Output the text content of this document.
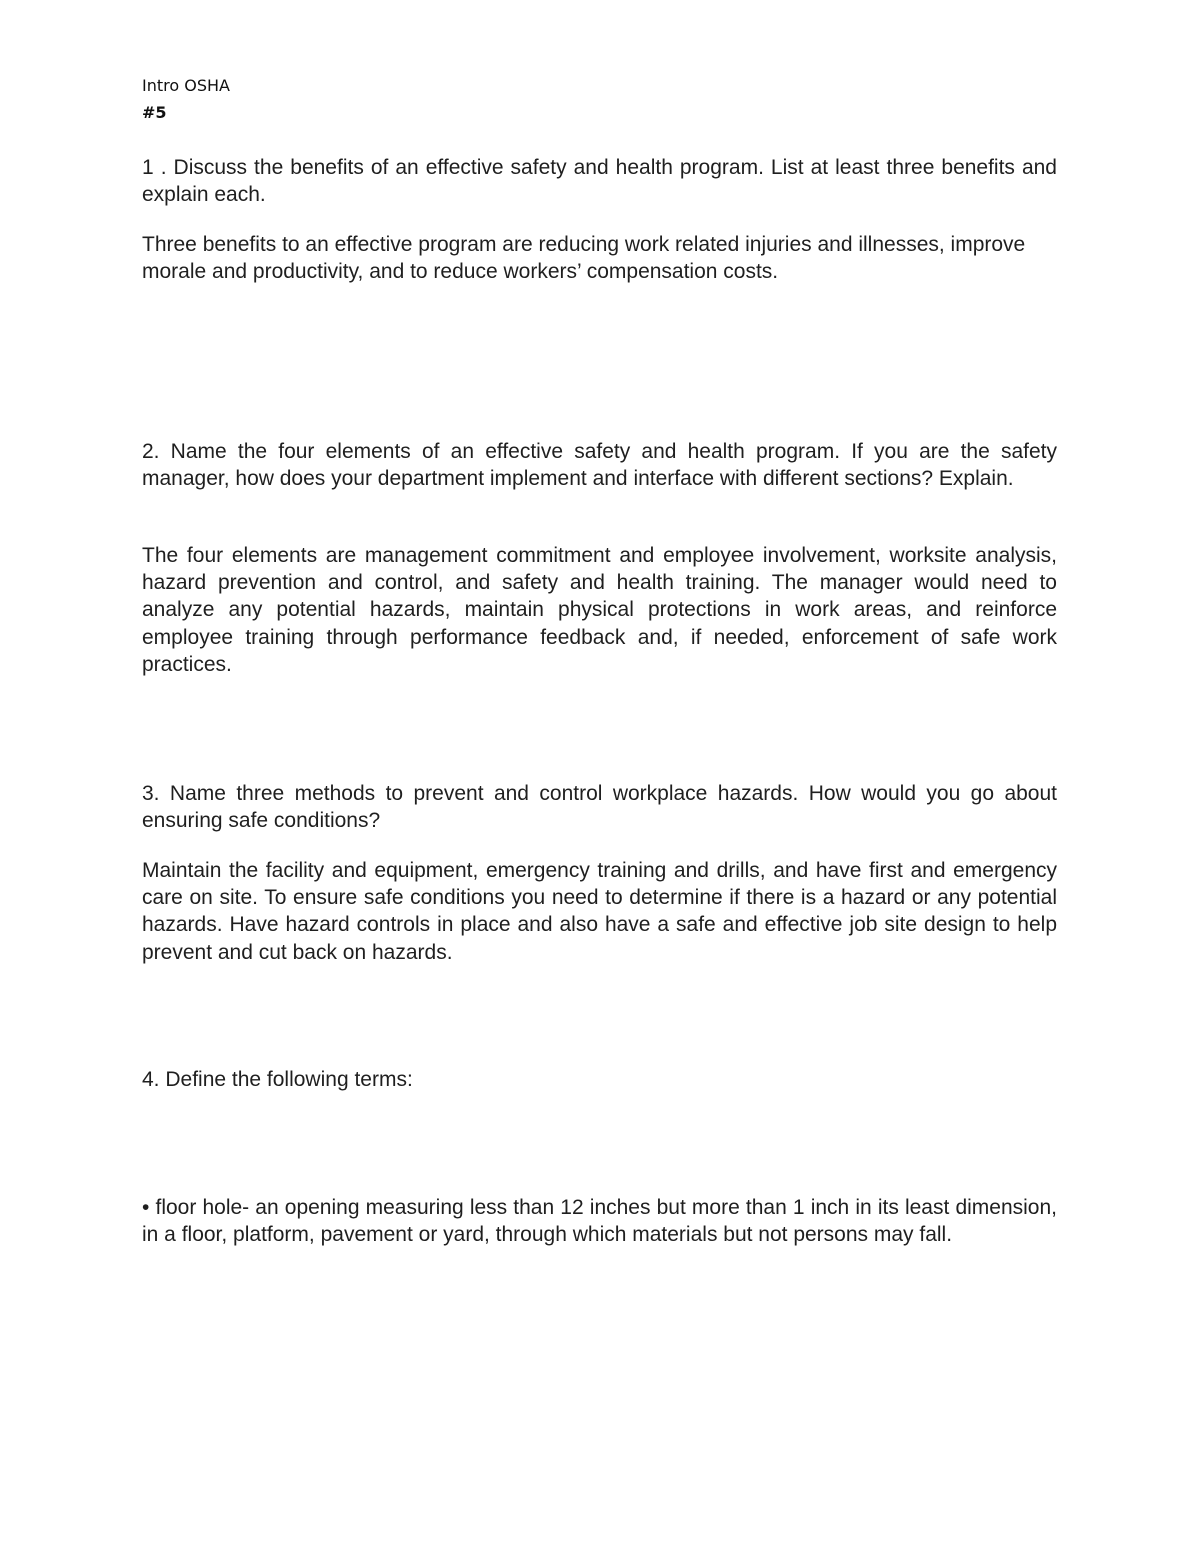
Intro OSHA
#5

1 . Discuss the benefits of an effective safety and health program. List at least three benefits and explain each.

Three benefits to an effective program are reducing work related injuries and illnesses, improve morale and productivity, and to reduce workers’ compensation costs.

2. Name the four elements of an effective safety and health program. If you are the safety manager, how does your department implement and interface with different sections? Explain.

The four elements are management commitment and employee involvement, worksite analysis, hazard prevention and control, and safety and health training. The manager would need to analyze any potential hazards, maintain physical protections in work areas, and reinforce employee training through performance feedback and, if needed, enforcement of safe work practices.

3. Name three methods to prevent and control workplace hazards. How would you go about ensuring safe conditions?

Maintain the facility and equipment, emergency training and drills, and have first and emergency care on site. To ensure safe conditions you need to determine if there is a hazard or any potential hazards. Have hazard controls in place and also have a safe and effective job site design to help prevent and cut back on hazards.

4. Define the following terms:

• floor hole- an opening measuring less than 12 inches but more than 1 inch in its least dimension, in a floor, platform, pavement or yard, through which materials but not persons may fall.
